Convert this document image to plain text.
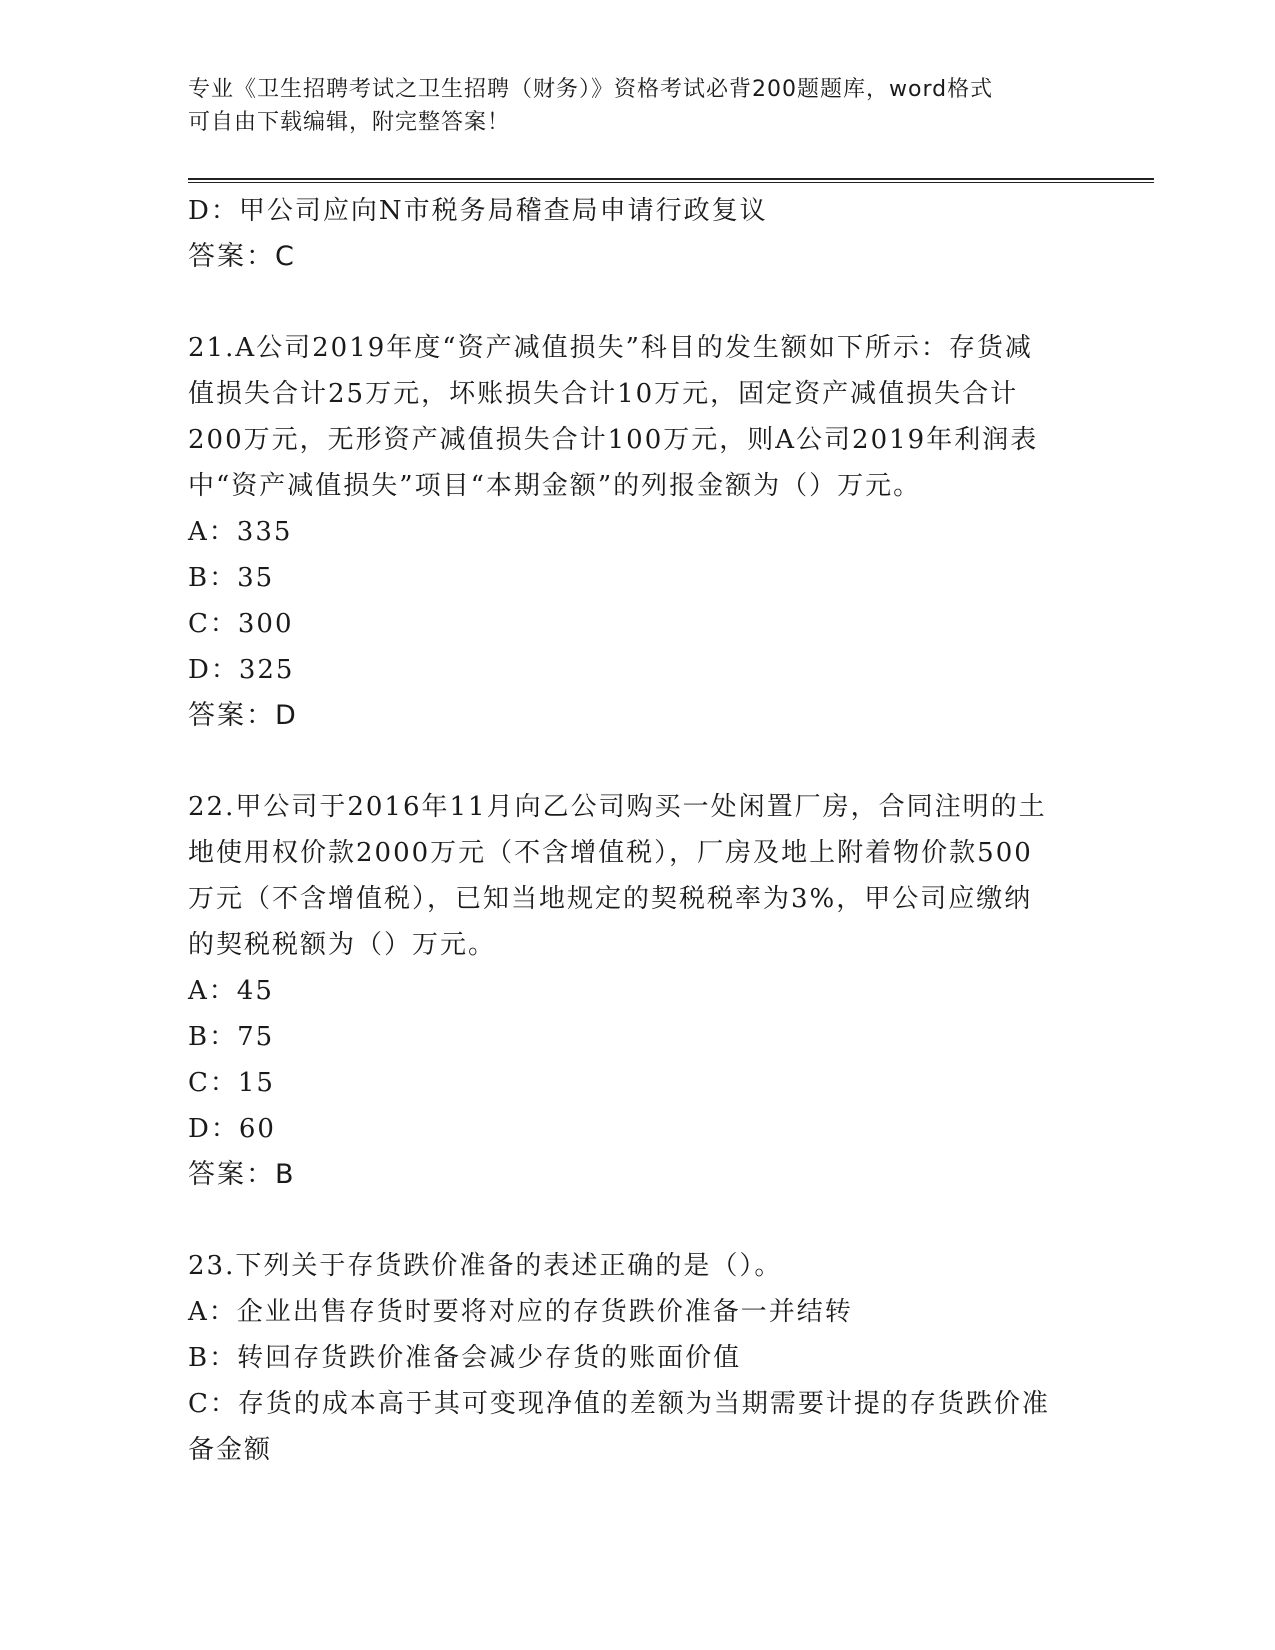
专业《卫生招聘考试之卫生招聘（财务）》资格考试必背200题题库，word格式
可自由下载编辑，附完整答案！
D：甲公司应向N市税务局稽查局申请行政复议
答案：C
21.A公司2019年度“资产减值损失”科目的发生额如下所示：存货减
值损失合计25万元，坏账损失合计10万元，固定资产减值损失合计
200万元，无形资产减值损失合计100万元，则A公司2019年利润表
中“资产减值损失”项目“本期金额”的列报金额为（）万元。
A：335
B：35
C：300
D：325
答案：D
22.甲公司于2016年11月向乙公司购买一处闲置厂房，合同注明的土
地使用权价款2000万元（不含增值税），厂房及地上附着物价款500
万元（不含增值税），已知当地规定的契税税率为3%，甲公司应缴纳
的契税税额为（）万元。
A：45
B：75
C：15
D：60
答案：B
23.下列关于存货跌价准备的表述正确的是（）。
A：企业出售存货时要将对应的存货跌价准备一并结转
B：转回存货跌价准备会减少存货的账面价值
C：存货的成本高于其可变现净值的差额为当期需要计提的存货跌价准
备金额
